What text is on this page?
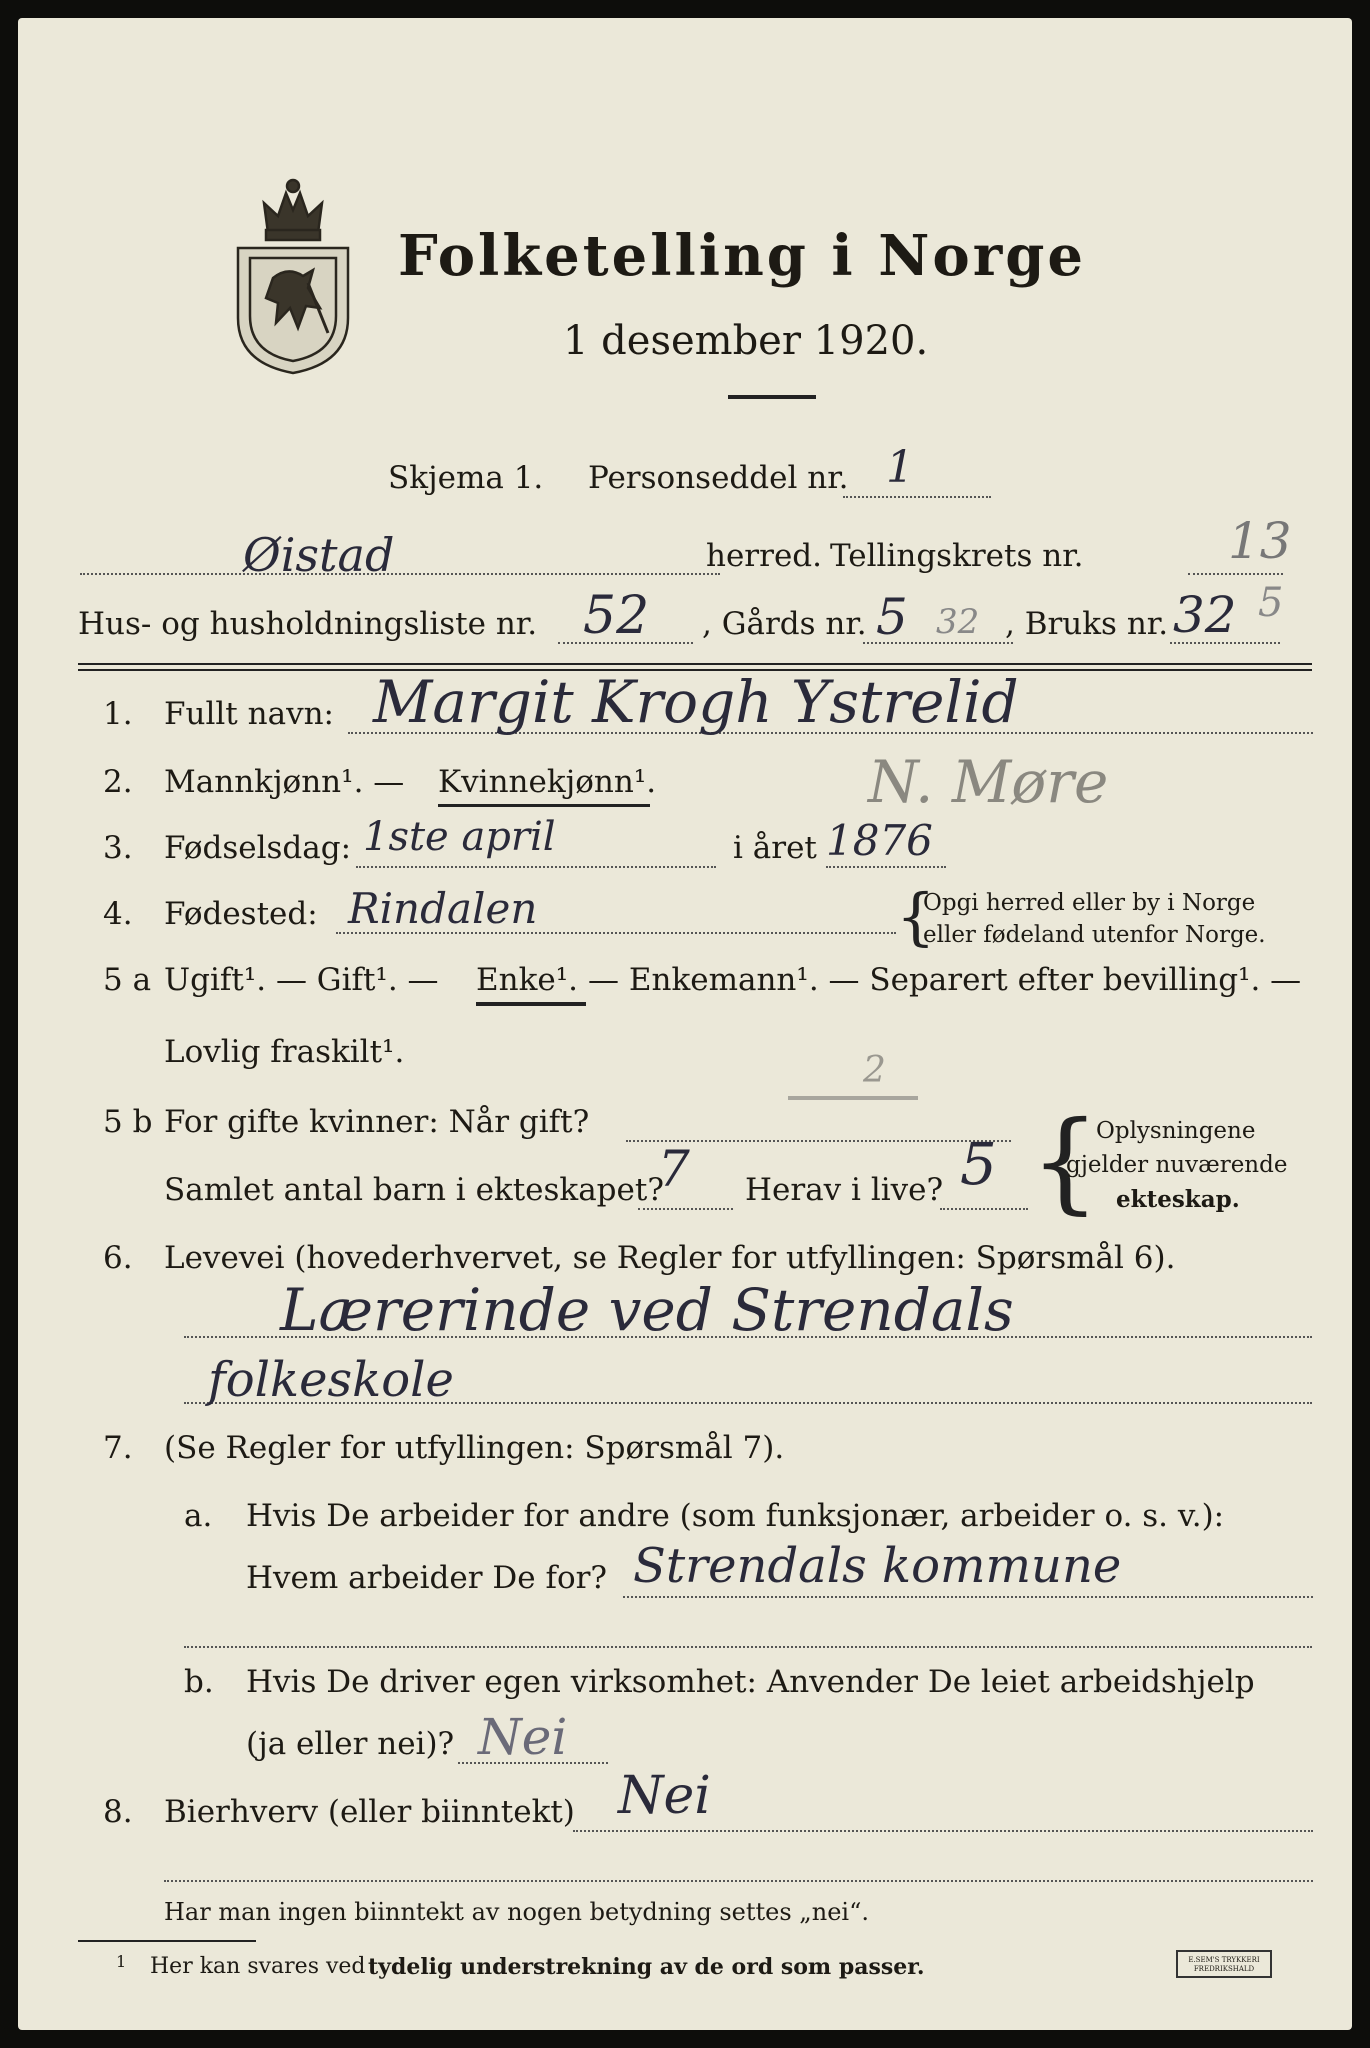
Folketelling i Norge
1 desember 1920.
Skjema 1. Personseddel nr. 1
Øistad	herred. Tellingskrets nr.	13
Hus- og husholdningsliste nr. 52 , Gårds nr. 5 32 , Bruks nr. 32 5
1. Fullt navn: Margit Krogh Ystrelid
2. Mannkjønn¹. — Kvinnekjønn¹.	N. Møre
3. Fødselsdag: 1ste april	i året 1876
4. Fødested: Rindalen	{
Opgi herred eller by i Norge
eller fødeland utenfor Norge.
5 a Ugift¹. — Gift¹. — Enke¹. — Enkemann¹. — Separert efter bevilling¹. —
Lovlig fraskilt¹.	2
5 b For gifte kvinner: Når gift?
Samlet antal barn i ekteskapet?
7 Herav i live? 5 {
Oplysningene
gjelder nuværende
ekteskap.
6. Levevei (hovederhvervet, se Regler for utfyllingen: Spørsmål 6).
Lærerinde ved Strendals
folkeskole
7. (Se Regler for utfyllingen: Spørsmål 7).
a. Hvis De arbeider for andre (som funksjonær, arbeider o. s. v.):
Hvem arbeider De for? Strendals kommune
b. Hvis De driver egen virksomhet: Anvender De leiet arbeidshjelp
(ja eller nei)? Nei
8. Bierhverv (eller biinntekt) Nei
Har man ingen biinntekt av nogen betydning settes „nei“.
1 Her kan svares ved tydelig understrekning av de ord som passer.	E.SEM'S TRYKKERI FREDRIKSHALD
